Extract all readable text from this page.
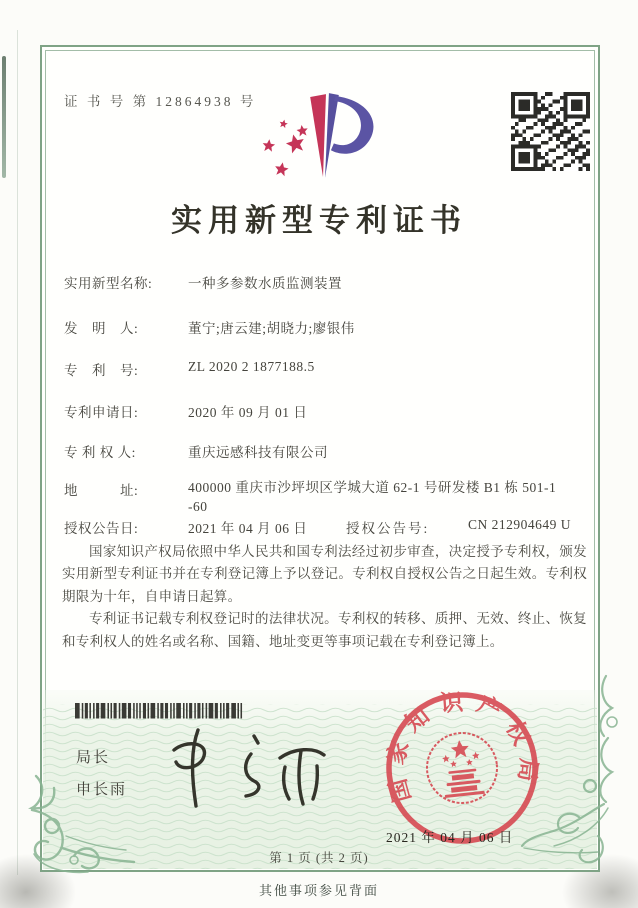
证 书 号 第 12864938 号
实用新型专利证书
实用新型名称:	一种多参数水质监测装置
发　明　人:	董宁;唐云建;胡晓力;廖银伟
专　利　号:	ZL 2020 2 1877188.5
专利申请日:	2020 年 09 月 01 日
专 利 权 人:	重庆远感科技有限公司
地　　　址:	400000 重庆市沙坪坝区学城大道 62-1 号研发楼 B1 栋 501-1
-60
授权公告日:	2021 年 04 月 06 日	授权公告号:	CN 212904649 U

国家知识产权局依照中华人民共和国专利法经过初步审查，决定授予专利权，颁发实用新型专利证书并在专利登记簿上予以登记。专利权自授权公告之日起生效。专利权期限为十年，自申请日起算。

专利证书记载专利权登记时的法律状况。专利权的转移、质押、无效、终止、恢复和专利权人的姓名或名称、国籍、地址变更等事项记载在专利登记簿上。

局长
申长雨	国家知识产权局
2021 年 04 月 06 日
第 1 页 (共 2 页)
其他事项参见背面
